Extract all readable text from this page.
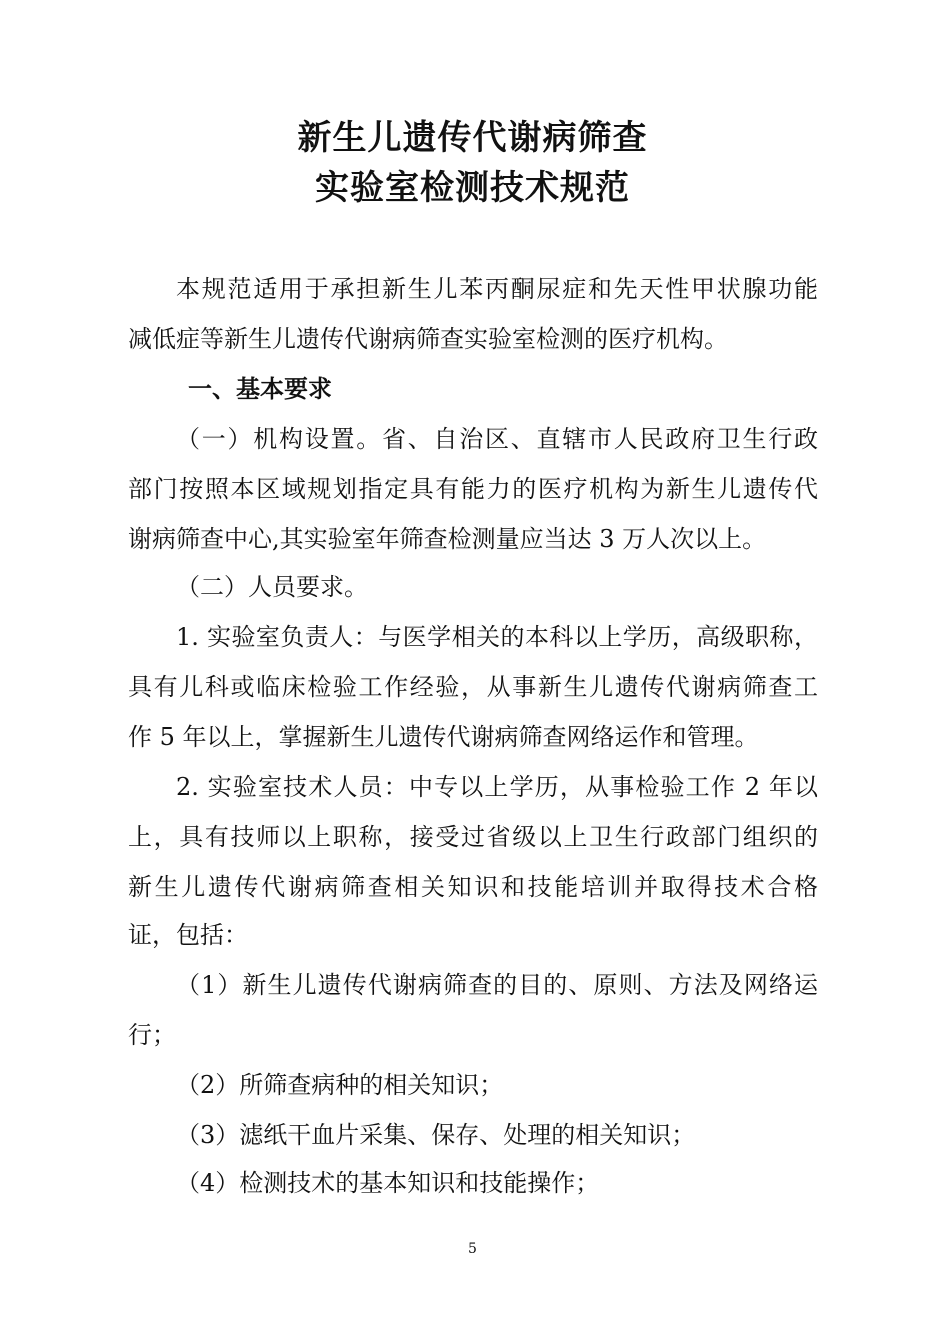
新生儿遗传代谢病筛查
实验室检测技术规范

本规范适用于承担新生儿苯丙酮尿症和先天性甲状腺功能

减低症等新生儿遗传代谢病筛查实验室检测的医疗机构。

一、基本要求

（一）机构设置。省、自治区、直辖市人民政府卫生行政

部门按照本区域规划指定具有能力的医疗机构为新生儿遗传代

谢病筛查中心,其实验室年筛查检测量应当达 3 万人次以上。

（二）人员要求。

1. 实验室负责人：与医学相关的本科以上学历，高级职称，

具有儿科或临床检验工作经验，从事新生儿遗传代谢病筛查工

作 5 年以上，掌握新生儿遗传代谢病筛查网络运作和管理。

2. 实验室技术人员：中专以上学历，从事检验工作 2 年以

上，具有技师以上职称，接受过省级以上卫生行政部门组织的

新生儿遗传代谢病筛查相关知识和技能培训并取得技术合格

证，包括：

（1）新生儿遗传代谢病筛查的目的、原则、方法及网络运

行；

（2）所筛查病种的相关知识；

（3）滤纸干血片采集、保存、处理的相关知识；

（4）检测技术的基本知识和技能操作；

5
